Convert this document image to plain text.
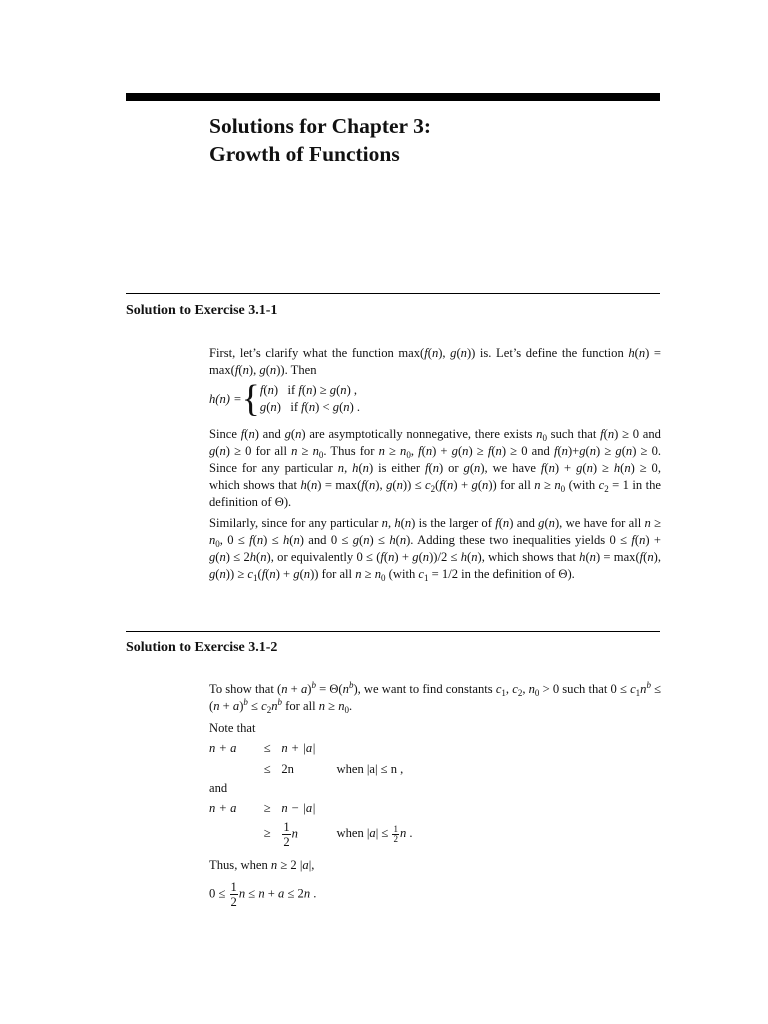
Solutions for Chapter 3:
Growth of Functions
Solution to Exercise 3.1-1
First, let’s clarify what the function max(f(n), g(n)) is. Let’s define the function h(n) = max(f(n), g(n)). Then
h(n) = { f(n)   if f(n) ≥ g(n) ,
g(n)   if f(n) < g(n) .
Since f(n) and g(n) are asymptotically nonnegative, there exists $n_0$ such that f(n) ≥ 0 and g(n) ≥ 0 for all $n \ge n_0$. Thus for $n \ge n_0$, f(n) + g(n) ≥ f(n) ≥ 0 and f(n)+g(n) ≥ g(n) ≥ 0. Since for any particular n, h(n) is either f(n) or g(n), we have f(n) + g(n) ≥ h(n) ≥ 0, which shows that h(n) = max(f(n), $g(n)) \le c_2(f(n) + g(n))$ for all $n \ge n_0$ (with $c_2 = 1$ in the definition of Θ).
Similarly, since for any particular n, h(n) is the larger of f(n) and g(n), we have for all $n \ge n_0$, 0 ≤ f(n) ≤ h(n) and 0 ≤ g(n) ≤ h(n). Adding these two inequalities yields 0 ≤ f(n) + g(n) ≤ 2h(n), or equivalently 0 ≤ (f(n) + g(n))/2 ≤ h(n), which shows that h(n) = max(f(n), $g(n)) \ge c_1(f(n) + g(n))$ for all $n \ge n_0$ (with $c_1 = 1/2$ in the definition of Θ).
Solution to Exercise 3.1-2
To show that $(n + a)^b = \Theta(n^b)$, we want to find constants $c_1$, $c_2$, $n_0 > 0$ such that $0 \le c_1n^b \le (n + a)^b \le c_2n^b$ for all $n \ge n_0$.
Note that
n + a ≤ n + |a|
≤ 2n	when |a| ≤ n ,
and
n + a ≥ n − |a|
≥ $\frac{1}{2}$ n	when $|a| \le \frac{1}{2}$ n .
Thus, when n ≥ 2 |a|,
$0 \le \frac{1}{2}$ n ≤ n + a ≤ 2n .
